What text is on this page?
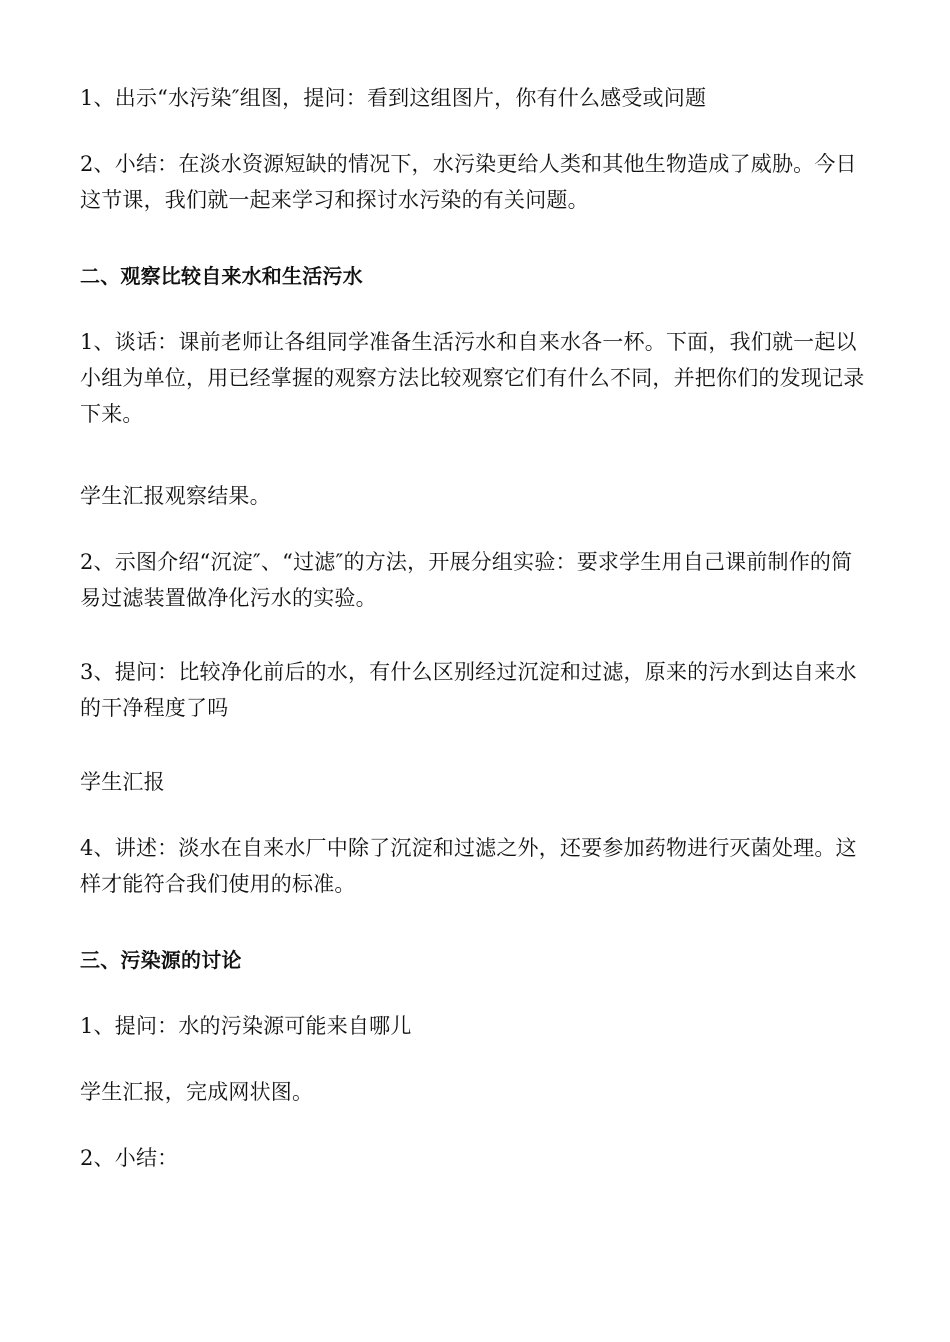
1、出示“水污染″组图，提问：看到这组图片，你有什么感受或问题

2、小结：在淡水资源短缺的情况下，水污染更给人类和其他生物造成了威胁。今日这节课，我们就一起来学习和探讨水污染的有关问题。

二、观察比较自来水和生活污水

1、谈话：课前老师让各组同学准备生活污水和自来水各一杯。下面，我们就一起以小组为单位，用已经掌握的观察方法比较观察它们有什么不同，并把你们的发现记录下来。

学生汇报观察结果。

2、示图介绍“沉淀″、“过滤″的方法，开展分组实验：要求学生用自己课前制作的简易过滤装置做净化污水的实验。

3、提问：比较净化前后的水，有什么区别经过沉淀和过滤，原来的污水到达自来水的干净程度了吗

学生汇报

4、讲述：淡水在自来水厂中除了沉淀和过滤之外，还要参加药物进行灭菌处理。这样才能符合我们使用的标准。

三、污染源的讨论

1、提问：水的污染源可能来自哪儿

学生汇报，完成网状图。

2、小结：
